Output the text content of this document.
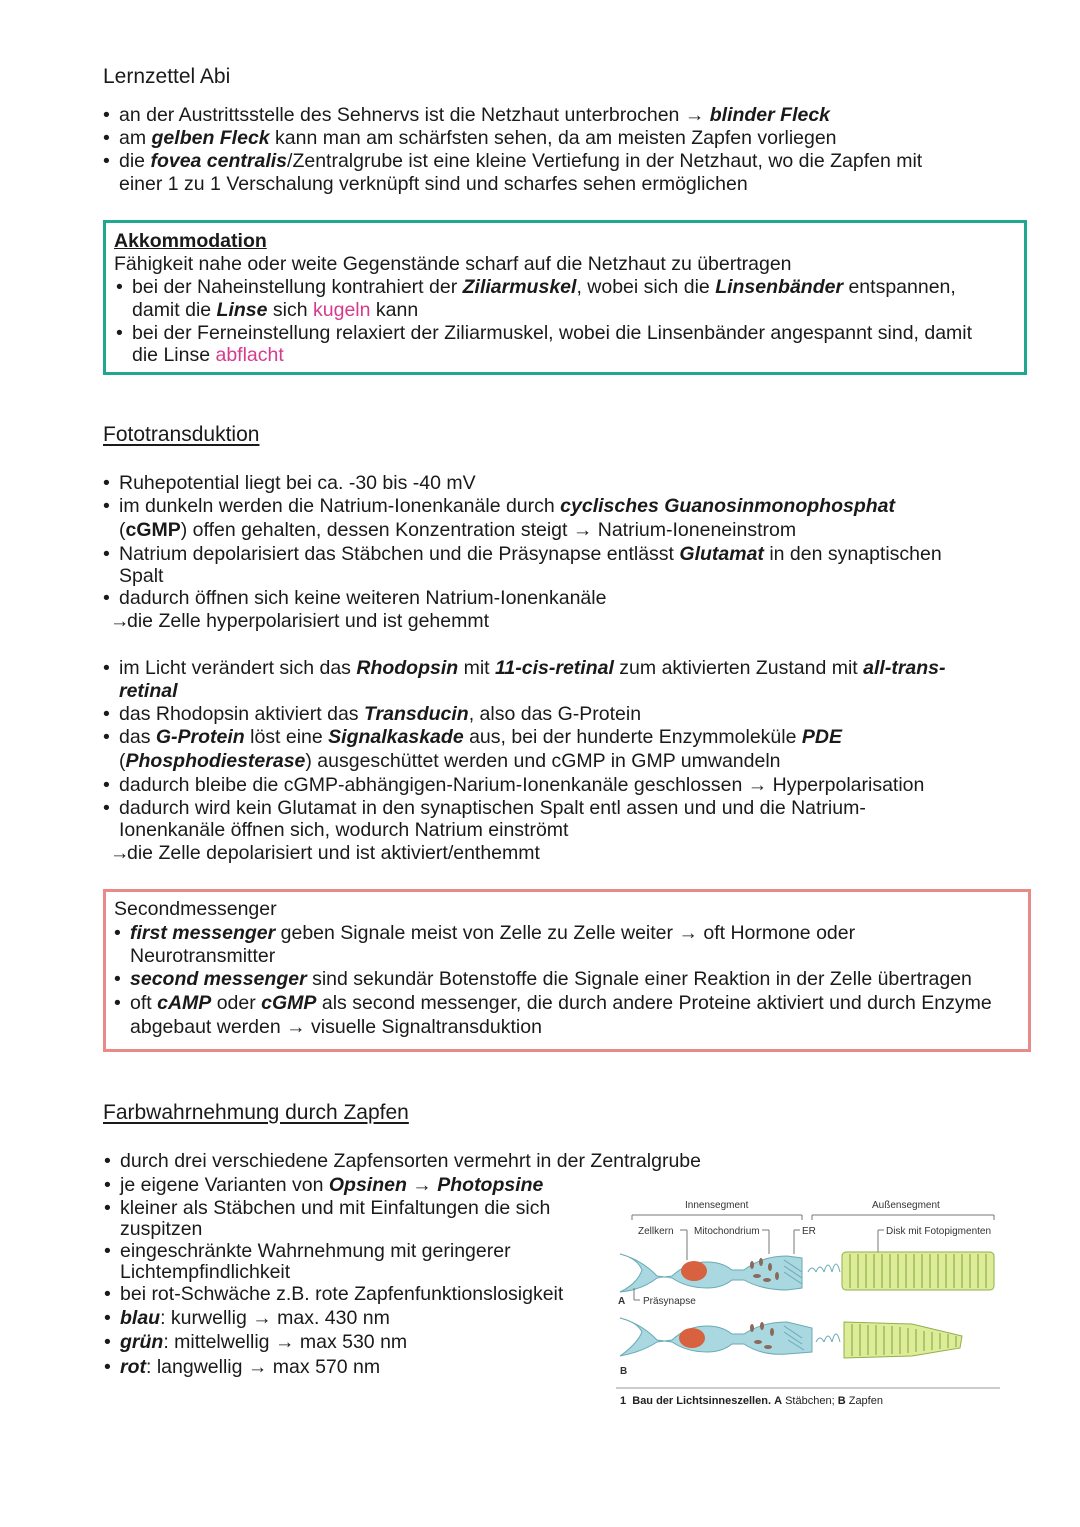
Lernzettel Abi
• an der Austrittsstelle des Sehnervs ist die Netzhaut unterbrochen → blinder Fleck
• am gelben Fleck kann man am schärfsten sehen, da am meisten Zapfen vorliegen
• die fovea centralis/Zentralgrube ist eine kleine Vertiefung in der Netzhaut, wo die Zapfen mit
einer 1 zu 1 Verschalung verknüpft sind und scharfes sehen ermöglichen
Akkommodation
Fähigkeit nahe oder weite Gegenstände scharf auf die Netzhaut zu übertragen
• bei der Naheinstellung kontrahiert der Ziliarmuskel, wobei sich die Linsenbänder entspannen,
damit die Linse sich kugeln kann
• bei der Ferneinstellung relaxiert der Ziliarmuskel, wobei die Linsenbänder angespannt sind, damit
die Linse abflacht
Fototransduktion
• Ruhepotential liegt bei ca. -30 bis -40 mV
• im dunkeln werden die Natrium-Ionenkanäle durch cyclisches Guanosinmonophosphat
(cGMP) offen gehalten, dessen Konzentration steigt → Natrium-Ioneneinstrom
• Natrium depolarisiert das Stäbchen und die Präsynapse entlässt Glutamat in den synaptischen
Spalt
• dadurch öffnen sich keine weiteren Natrium-Ionenkanäle
→ die Zelle hyperpolarisiert und ist gehemmt
• im Licht verändert sich das Rhodopsin mit 11-cis-retinal zum aktivierten Zustand mit all-trans-
retinal
• das Rhodopsin aktiviert das Transducin, also das G-Protein
• das G-Protein löst eine Signalkaskade aus, bei der hunderte Enzymmoleküle PDE
(Phosphodiesterase) ausgeschüttet werden und cGMP in GMP umwandeln
• dadurch bleibe die cGMP-abhängigen-Narium-Ionenkanäle geschlossen → Hyperpolarisation
• dadurch wird kein Glutamat in den synaptischen Spalt entl assen und und die Natrium-
Ionenkanäle öffnen sich, wodurch Natrium einströmt
→ die Zelle depolarisiert und ist aktiviert/enthemmt
Secondmessenger
• first messenger geben Signale meist von Zelle zu Zelle weiter → oft Hormone oder
Neurotransmitter
• second messenger sind sekundär Botenstoffe die Signale einer Reaktion in der Zelle übertragen
• oft cAMP oder cGMP als second messenger, die durch andere Proteine aktiviert und durch Enzyme
abgebaut werden → visuelle Signaltransduktion
Farbwahrnehmung durch Zapfen
• durch drei verschiedene Zapfensorten vermehrt in der Zentralgrube
• je eigene Varianten von Opsinen → Photopsine
• kleiner als Stäbchen und mit Einfaltungen die sich
zuspitzen
• eingeschränkte Wahrnehmung mit geringerer
Lichtempfindlichkeit
• bei rot-Schwäche z.B. rote Zapfenfunktionslosigkeit
• blau: kurwellig → max. 430 nm
• grün: mittelwellig → max 530 nm
• rot: langwellig → max 570 nm
Innensegment	Außensegment
Zellkern Mitochondrium	ER	Disk mit Fotopigmenten
A Präsynapse
B
1 Bau der Lichtsinneszellen. A Stäbchen; B Zapfen
